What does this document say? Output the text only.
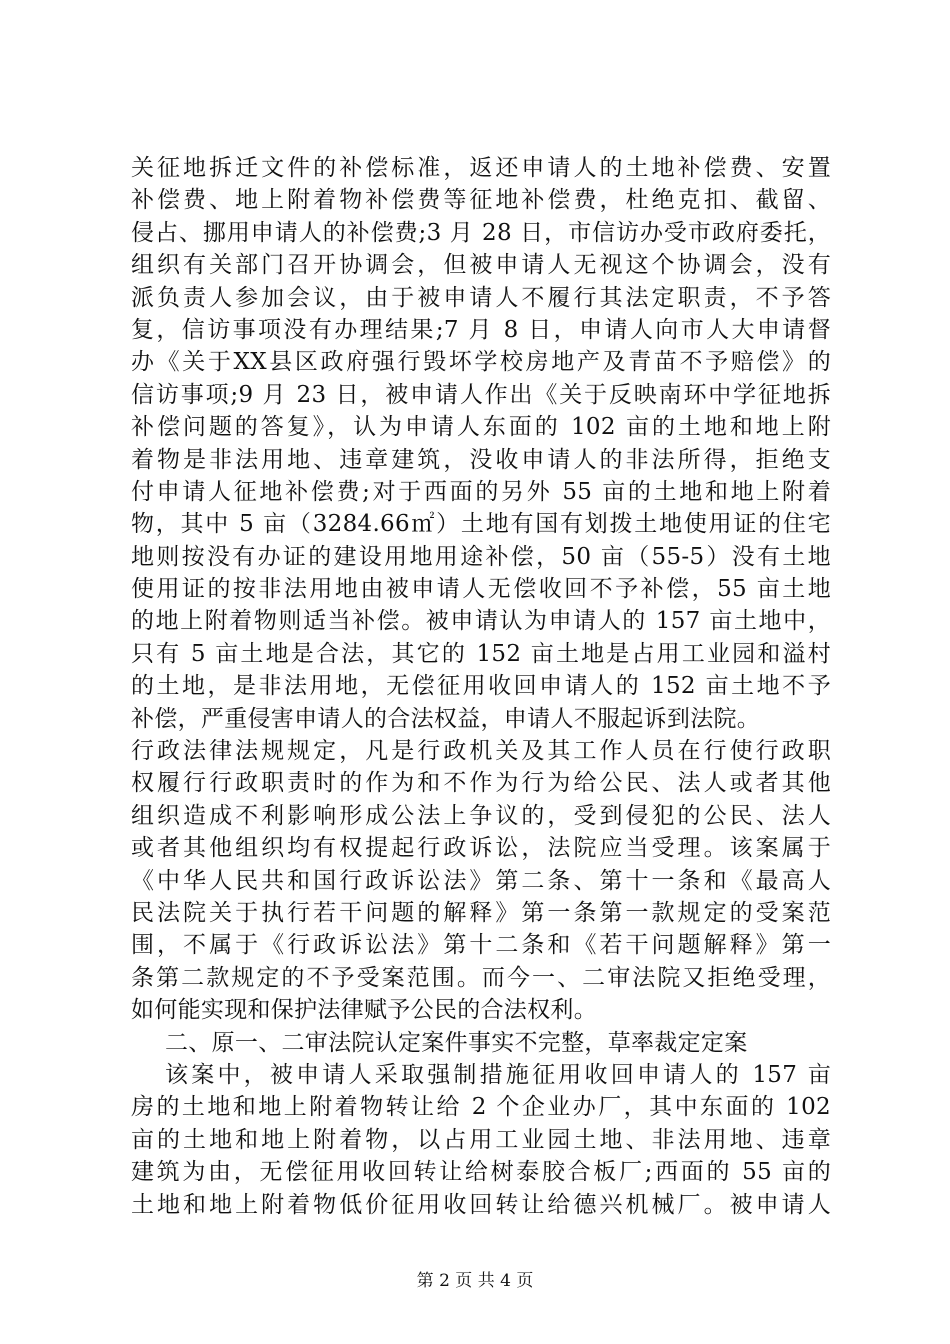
关征地拆迁文件的补偿标准，返还申请人的土地补偿费、安置
补偿费、地上附着物补偿费等征地补偿费，杜绝克扣、截留、
侵占、挪用申请人的补偿费;3 月 28 日，市信访办受市政府委托，
组织有关部门召开协调会，但被申请人无视这个协调会，没有
派负责人参加会议，由于被申请人不履行其法定职责，不予答
复，信访事项没有办理结果;7 月 8 日，申请人向市人大申请督
办《关于XX县区政府强行毁坏学校房地产及青苗不予赔偿》的
信访事项;9 月 23 日，被申请人作出《关于反映南环中学征地拆
补偿问题的答复》，认为申请人东面的 102 亩的土地和地上附
着物是非法用地、违章建筑，没收申请人的非法所得，拒绝支
付申请人征地补偿费;对于西面的另外 55 亩的土地和地上附着
物，其中 5 亩（3284.66㎡）土地有国有划拨土地使用证的住宅
地则按没有办证的建设用地用途补偿，50 亩（55-5）没有土地
使用证的按非法用地由被申请人无偿收回不予补偿，55 亩土地
的地上附着物则适当补偿。被申请认为申请人的 157 亩土地中，
只有 5 亩土地是合法，其它的 152 亩土地是占用工业园和溢村
的土地，是非法用地，无偿征用收回申请人的 152 亩土地不予
补偿，严重侵害申请人的合法权益，申请人不服起诉到法院。
行政法律法规规定，凡是行政机关及其工作人员在行使行政职
权履行行政职责时的作为和不作为行为给公民、法人或者其他
组织造成不利影响形成公法上争议的，受到侵犯的公民、法人
或者其他组织均有权提起行政诉讼，法院应当受理。该案属于
《中华人民共和国行政诉讼法》第二条、第十一条和《最高人
民法院关于执行若干问题的解释》第一条第一款规定的受案范
围，不属于《行政诉讼法》第十二条和《若干问题解释》第一
条第二款规定的不予受案范围。而今一、二审法院又拒绝受理，
如何能实现和保护法律赋予公民的合法权利。
二、原一、二审法院认定案件事实不完整，草率裁定定案
该案中，被申请人采取强制措施征用收回申请人的 157 亩
房的土地和地上附着物转让给 2 个企业办厂，其中东面的 102
亩的土地和地上附着物，以占用工业园土地、非法用地、违章
建筑为由，无偿征用收回转让给树泰胶合板厂;西面的 55 亩的
土地和地上附着物低价征用收回转让给德兴机械厂。被申请人
第 2 页 共 4 页
